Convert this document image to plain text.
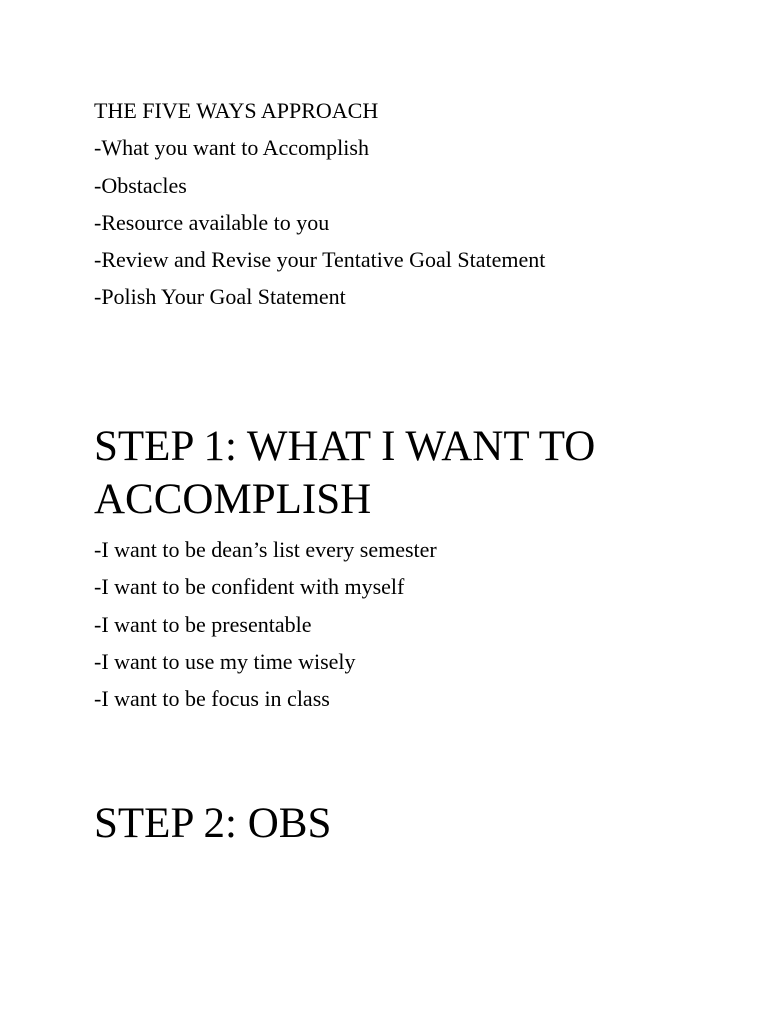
THE FIVE WAYS APPROACH

-What you want to Accomplish

-Obstacles

-Resource available to you

-Review and Revise your Tentative Goal Statement

-Polish Your Goal Statement

STEP 1: WHAT I WANT TO

ACCOMPLISH

-I want to be dean’s list every semester

-I want to be confident with myself

-I want to be presentable

-I want to use my time wisely

-I want to be focus in class

STEP 2: OBS
